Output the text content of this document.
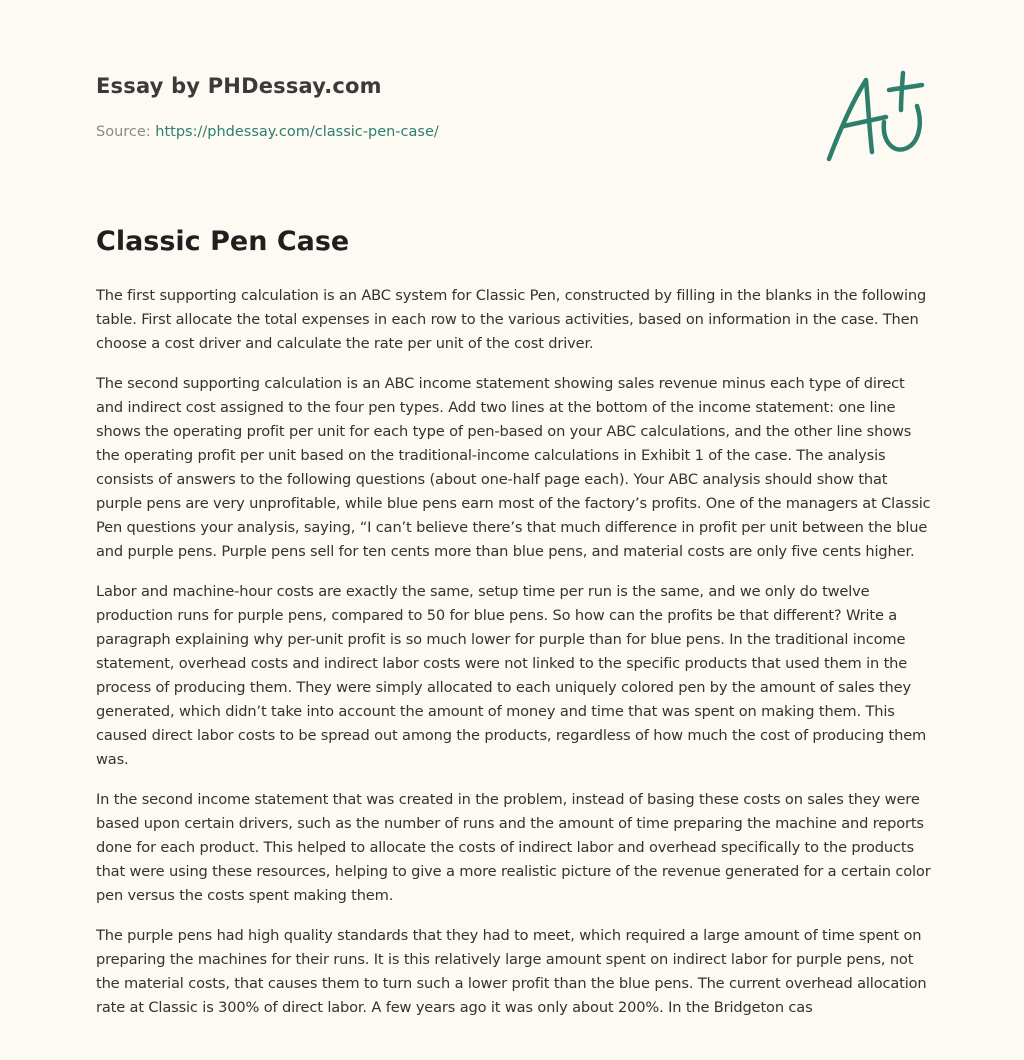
Essay by PHDessay.com
Source: https://phdessay.com/classic-pen-case/
Classic Pen Case

The first supporting calculation is an ABC system for Classic Pen, constructed by filling in the blanks in the following table. First allocate the total expenses in each row to the various activities, based on information in the case. Then choose a cost driver and calculate the rate per unit of the cost driver.

The second supporting calculation is an ABC income statement showing sales revenue minus each type of direct and indirect cost assigned to the four pen types. Add two lines at the bottom of the income statement: one line shows the operating profit per unit for each type of pen-based on your ABC calculations, and the other line shows the operating profit per unit based on the traditional-income calculations in Exhibit 1 of the case. The analysis consists of answers to the following questions (about one-half page each). Your ABC analysis should show that purple pens are very unprofitable, while blue pens earn most of the factory’s profits. One of the managers at Classic Pen questions your analysis, saying, “I can’t believe there’s that much difference in profit per unit between the blue and purple pens. Purple pens sell for ten cents more than blue pens, and material costs are only five cents higher.

Labor and machine-hour costs are exactly the same, setup time per run is the same, and we only do twelve production runs for purple pens, compared to 50 for blue pens. So how can the profits be that different? Write a paragraph explaining why per-unit profit is so much lower for purple than for blue pens. In the traditional income statement, overhead costs and indirect labor costs were not linked to the specific products that used them in the process of producing them. They were simply allocated to each uniquely colored pen by the amount of sales they generated, which didn’t take into account the amount of money and time that was spent on making them. This caused direct labor costs to be spread out among the products, regardless of how much the cost of producing them was.

In the second income statement that was created in the problem, instead of basing these costs on sales they were based upon certain drivers, such as the number of runs and the amount of time preparing the machine and reports done for each product. This helped to allocate the costs of indirect labor and overhead specifically to the products that were using these resources, helping to give a more realistic picture of the revenue generated for a certain color pen versus the costs spent making them.

The purple pens had high quality standards that they had to meet, which required a large amount of time spent on preparing the machines for their runs. It is this relatively large amount spent on indirect labor for purple pens, not the material costs, that causes them to turn such a lower profit than the blue pens. The current overhead allocation rate at Classic is 300% of direct labor. A few years ago it was only about 200%. In the Bridgeton cas
